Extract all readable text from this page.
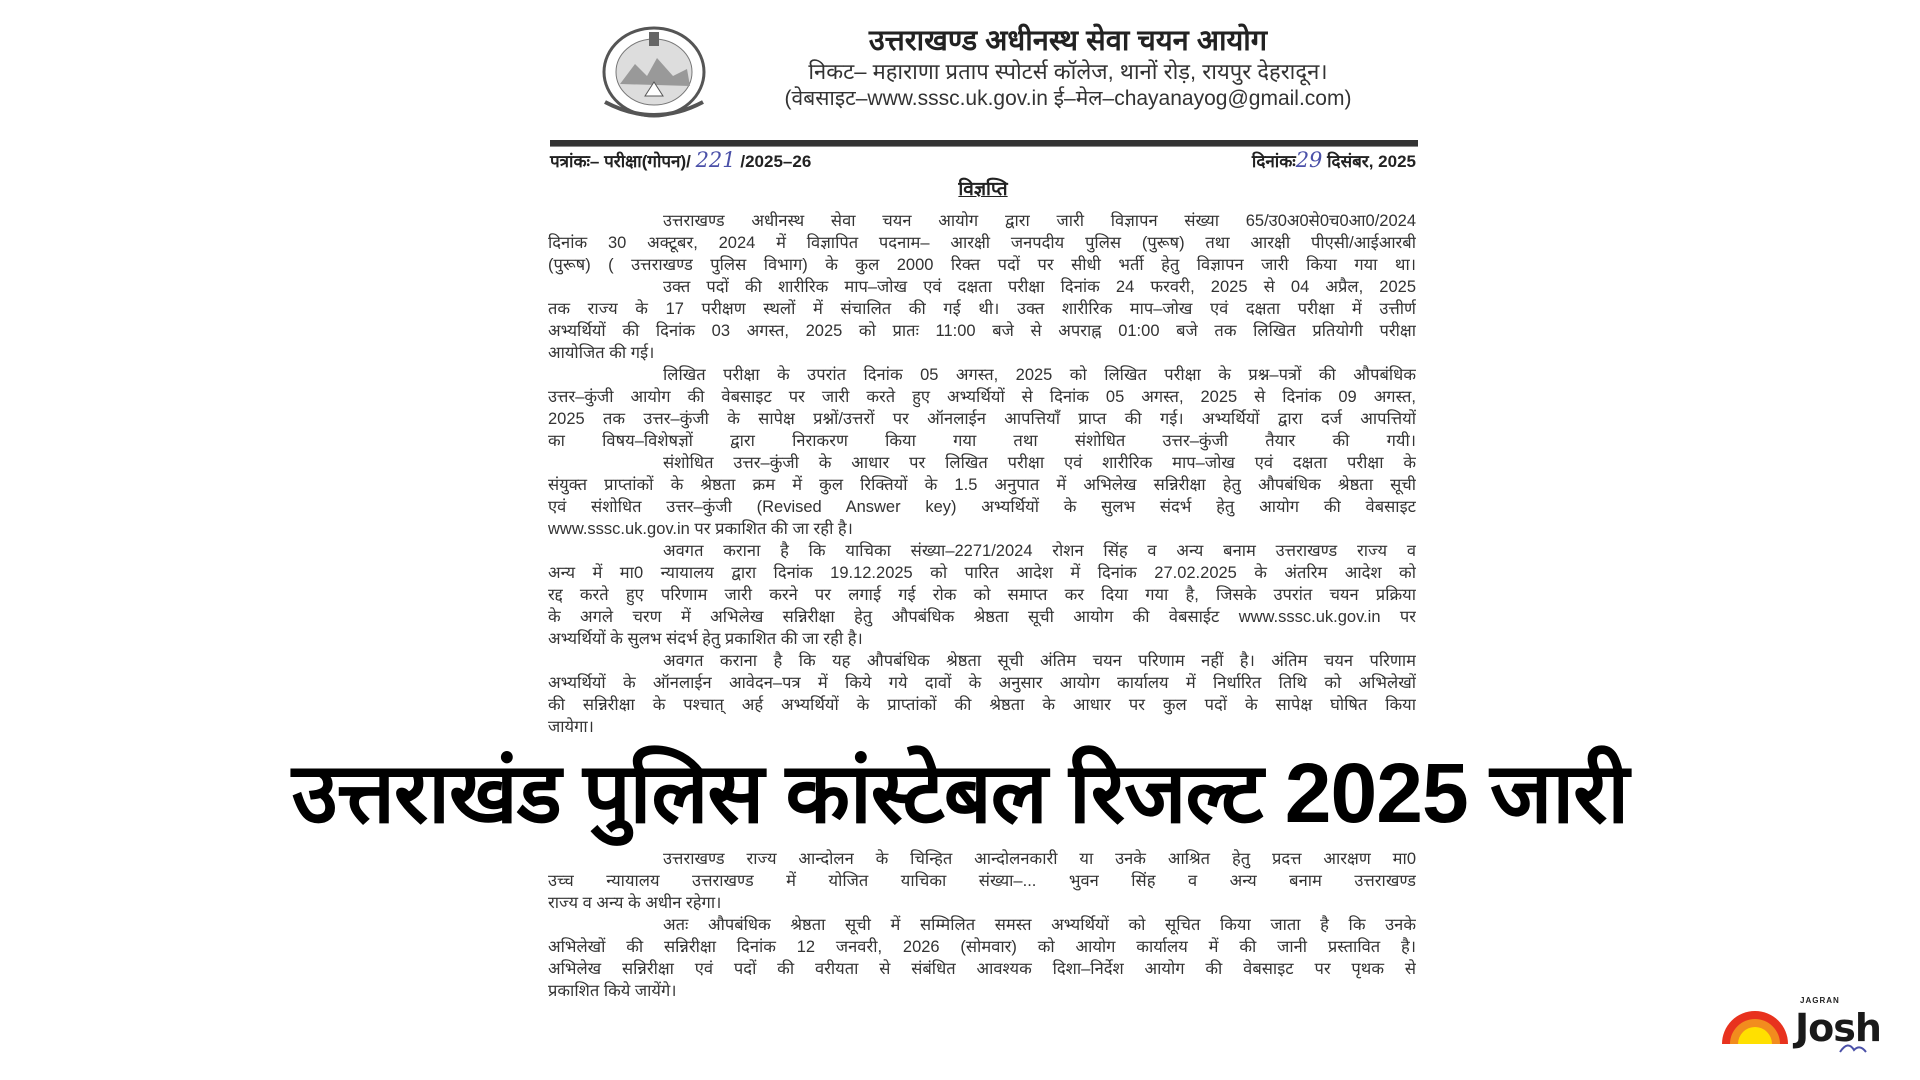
उत्तराखण्ड अधीनस्थ सेवा चयन आयोग
निकट– महाराणा प्रताप स्पोटर्स कॉलेज, थानों रोड़, रायपुर देहरादून।
(वेबसाइट–www.sssc.uk.gov.in ई–मेल–chayanayog@gmail.com)
पत्रांकः– परीक्षा(गोपन)/ 221 /2025–26	दिनांकः29 दिसंबर, 2025
विज्ञप्ति
उत्तराखण्ड अधीनस्थ सेवा चयन आयोग द्वारा जारी विज्ञापन संख्या 65/उ0अ0से0च0आ0/2024
दिनांक 30 अक्टूबर, 2024 में विज्ञापित पदनाम– आरक्षी जनपदीय पुलिस (पुरूष) तथा आरक्षी पीएसी/आईआरबी
(पुरूष) ( उत्तराखण्ड पुलिस विभाग) के कुल 2000 रिक्त पदों पर सीधी भर्ती हेतु विज्ञापन जारी किया गया था।
उक्त पदों की शारीरिक माप–जोख एवं दक्षता परीक्षा दिनांक 24 फरवरी, 2025 से 04 अप्रैल, 2025
तक राज्य के 17 परीक्षण स्थलों में संचालित की गई थी। उक्त शारीरिक माप–जोख एवं दक्षता परीक्षा में उत्तीर्ण
अभ्यर्थियों की दिनांक 03 अगस्त, 2025 को प्रातः 11:00 बजे से अपराह्न 01:00 बजे तक लिखित प्रतियोगी परीक्षा
आयोजित की गई।
लिखित परीक्षा के उपरांत दिनांक 05 अगस्त, 2025 को लिखित परीक्षा के प्रश्न–पत्रों की औपबंधिक
उत्तर–कुंजी आयोग की वेबसाइट पर जारी करते हुए अभ्यर्थियों से दिनांक 05 अगस्त, 2025 से दिनांक 09 अगस्त,
2025 तक उत्तर–कुंजी के सापेक्ष प्रश्नों/उत्तरों पर ऑनलाईन आपत्तियाँ प्राप्त की गई। अभ्यर्थियों द्वारा दर्ज आपत्तियों
का विषय–विशेषज्ञों द्वारा निराकरण किया गया तथा संशोधित उत्तर–कुंजी तैयार की गयी।
संशोधित उत्तर–कुंजी के आधार पर लिखित परीक्षा एवं शारीरिक माप–जोख एवं दक्षता परीक्षा के
संयुक्त प्राप्तांकों के श्रेष्ठता क्रम में कुल रिक्तियों के 1.5 अनुपात में अभिलेख सन्निरीक्षा हेतु औपबंधिक श्रेष्ठता सूची
एवं संशोधित उत्तर–कुंजी (Revised Answer key) अभ्यर्थियों के सुलभ संदर्भ हेतु आयोग की वेबसाइट
www.sssc.uk.gov.in पर प्रकाशित की जा रही है।
अवगत कराना है कि याचिका संख्या–2271/2024 रोशन सिंह व अन्य बनाम उत्तराखण्ड राज्य व
अन्य में मा0 न्यायालय द्वारा दिनांक 19.12.2025 को पारित आदेश में दिनांक 27.02.2025 के अंतरिम आदेश को
रद्द करते हुए परिणाम जारी करने पर लगाई गई रोक को समाप्त कर दिया गया है, जिसके उपरांत चयन प्रक्रिया
के अगले चरण में अभिलेख सन्निरीक्षा हेतु औपबंधिक श्रेष्ठता सूची आयोग की वेबसाईट www.sssc.uk.gov.in पर
अभ्यर्थियों के सुलभ संदर्भ हेतु प्रकाशित की जा रही है।
अवगत कराना है कि यह औपबंधिक श्रेष्ठता सूची अंतिम चयन परिणाम नहीं है। अंतिम चयन परिणाम
अभ्यर्थियों के ऑनलाईन आवेदन–पत्र में किये गये दावों के अनुसार आयोग कार्यालय में निर्धारित तिथि को अभिलेखों
की सन्निरीक्षा के पश्चात् अर्ह अभ्यर्थियों के प्राप्तांकों की श्रेष्ठता के आधार पर कुल पदों के सापेक्ष घोषित किया
जायेगा।
उत्तराखण्ड राज्य आन्दोलन के चिन्हित आन्दोलनकारी या उनके आश्रित हेतु प्रदत्त आरक्षण मा0
उच्च न्यायालय उत्तराखण्ड में योजित याचिका संख्या–... भुवन सिंह व अन्य बनाम उत्तराखण्ड
राज्य व अन्य के अधीन रहेगा।
अतः औपबंधिक श्रेष्ठता सूची में सम्मिलित समस्त अभ्यर्थियों को सूचित किया जाता है कि उनके
अभिलेखों की सन्निरीक्षा दिनांक 12 जनवरी, 2026 (सोमवार) को आयोग कार्यालय में की जानी प्रस्तावित है।
अभिलेख सन्निरीक्षा एवं पदों की वरीयता से संबंधित आवश्यक दिशा–निर्देश आयोग की वेबसाइट पर पृथक से
प्रकाशित किये जायेंगे।
उत्तराखंड पुलिस कांस्टेबल रिजल्ट 2025 जारी
JAGRAN
Josh
